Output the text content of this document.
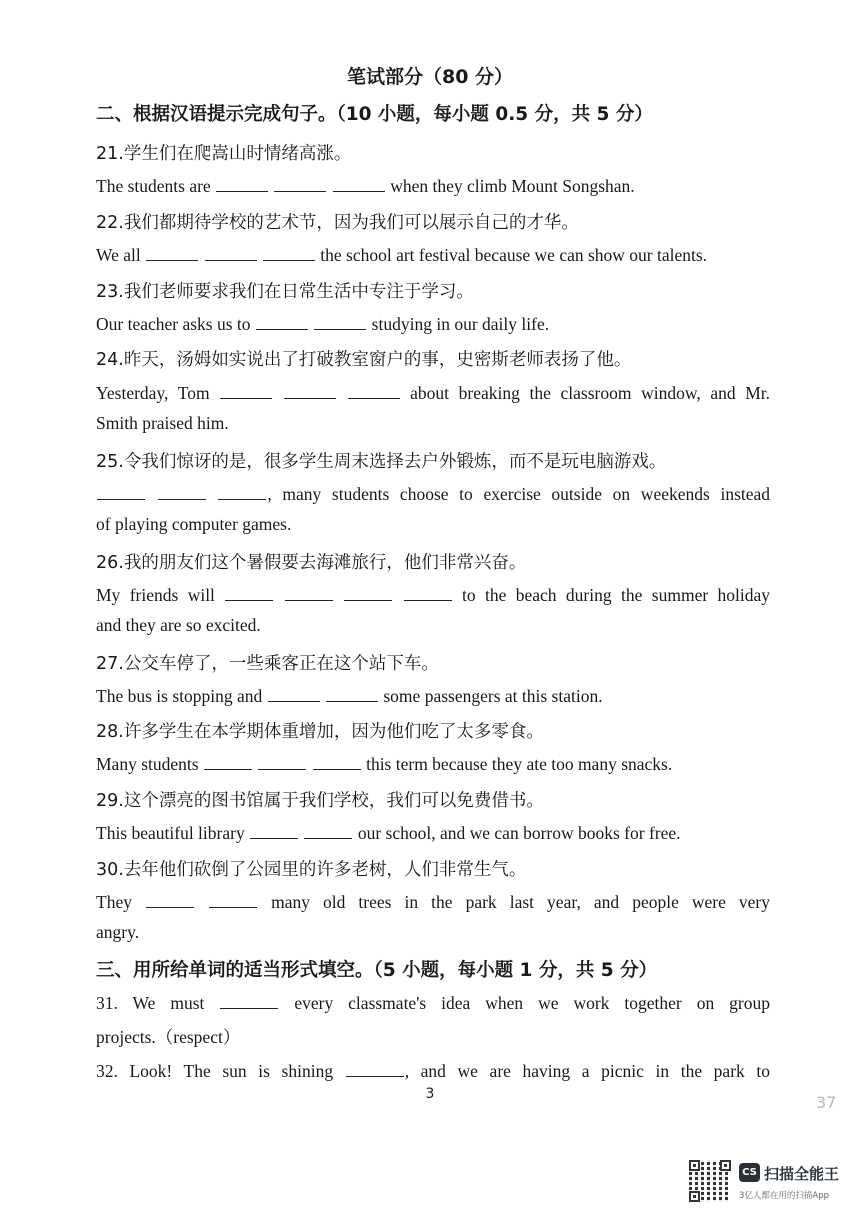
笔试部分（80 分）
二、根据汉语提示完成句子。（10 小题，每小题 0.5 分，共 5 分）
21.学生们在爬嵩山时情绪高涨。
The students are	when they climb Mount Songshan.
22.我们都期待学校的艺术节，因为我们可以展示自己的才华。
We all	the school art festival because we can show our talents.
23.我们老师要求我们在日常生活中专注于学习。
Our teacher asks us to	studying in our daily life.
24.昨天，汤姆如实说出了打破教室窗户的事，史密斯老师表扬了他。
Yesterday, Tom	about breaking the classroom window, and Mr.
Smith praised him.
25.令我们惊讶的是，很多学生周末选择去户外锻炼，而不是玩电脑游戏。
, many students choose to exercise outside on weekends instead
of playing computer games.
26.我的朋友们这个暑假要去海滩旅行，他们非常兴奋。
My friends will	to the beach during the summer holiday
and they are so excited.
27.公交车停了，一些乘客正在这个站下车。
The bus is stopping and	some passengers at this station.
28.许多学生在本学期体重增加，因为他们吃了太多零食。
Many students	this term because they ate too many snacks.
29.这个漂亮的图书馆属于我们学校，我们可以免费借书。
This beautiful library	our school, and we can borrow books for free.
30.去年他们砍倒了公园里的许多老树，人们非常生气。
They	many old trees in the park last year, and people were very
angry.
三、用所给单词的适当形式填空。（5 小题，每小题 1 分，共 5 分）
31. We must	every classmate's idea when we work together on group
projects.（respect）
32. Look! The sun is shining	, and we are having a picnic in the park to
3	37
CS 扫描全能王
3亿人都在用的扫描App
